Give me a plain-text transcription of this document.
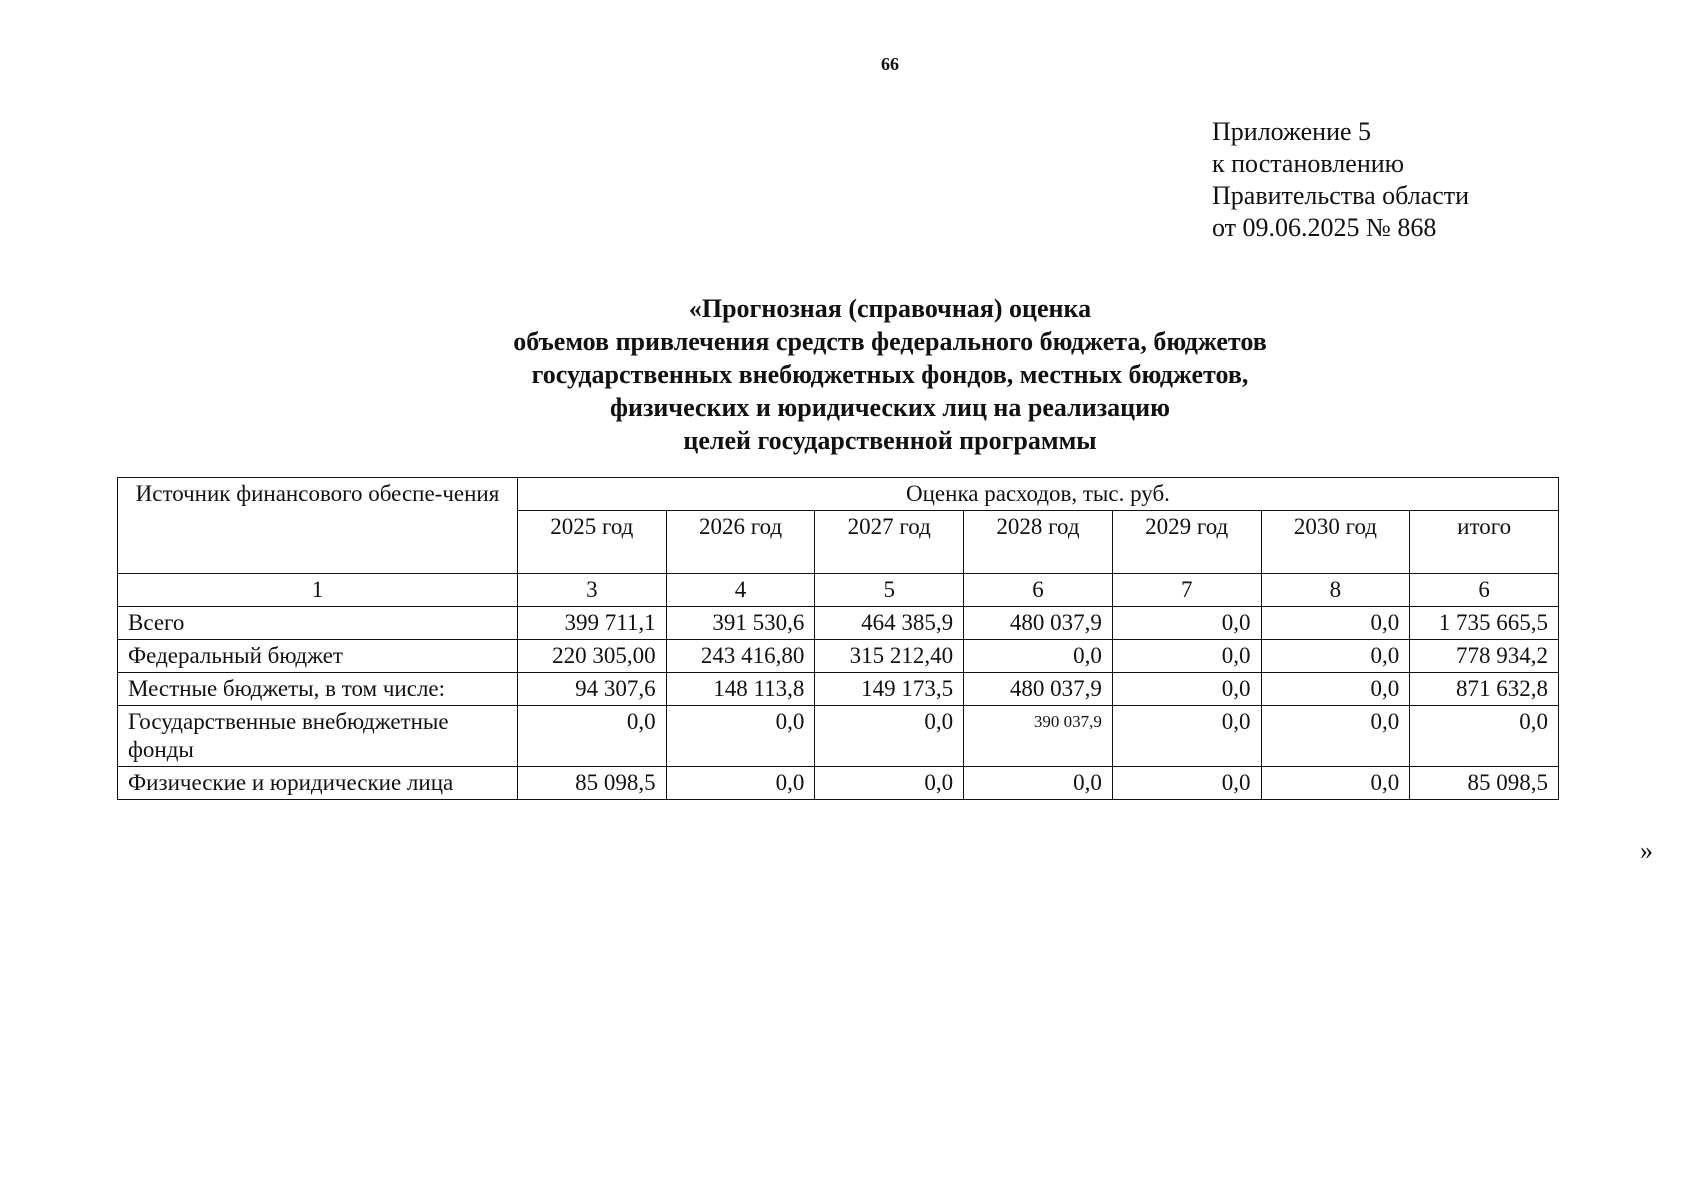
66
Приложение 5
к постановлению
Правительства области
от 09.06.2025 № 868
«Прогнозная (справочная) оценка
объемов привлечения средств федерального бюджета, бюджетов
государственных внебюджетных фондов, местных бюджетов,
физических и юридических лиц на реализацию
целей государственной программы
Источник финансового обеспе-чения	Оценка расходов, тыс. руб.						
	2025 год	2026 год	2027 год	2028 год	2029 год	2030 год	итого
1	3	4	5	6	7	8	6
Всего	399 711,1	391 530,6	464 385,9	480 037,9	0,0	0,0	1 735 665,5
Федеральный бюджет	220 305,00	243 416,80	315 212,40	0,0	0,0	0,0	778 934,2
Местные бюджеты, в том числе:	94 307,6	148 113,8	149 173,5	480 037,9	0,0	0,0	871 632,8
Государственные внебюджетные фонды	0,0	0,0	0,0	390 037,9	0,0	0,0	0,0
Физические и юридические лица	85 098,5	0,0	0,0	0,0	0,0	0,0	85 098,5
»
